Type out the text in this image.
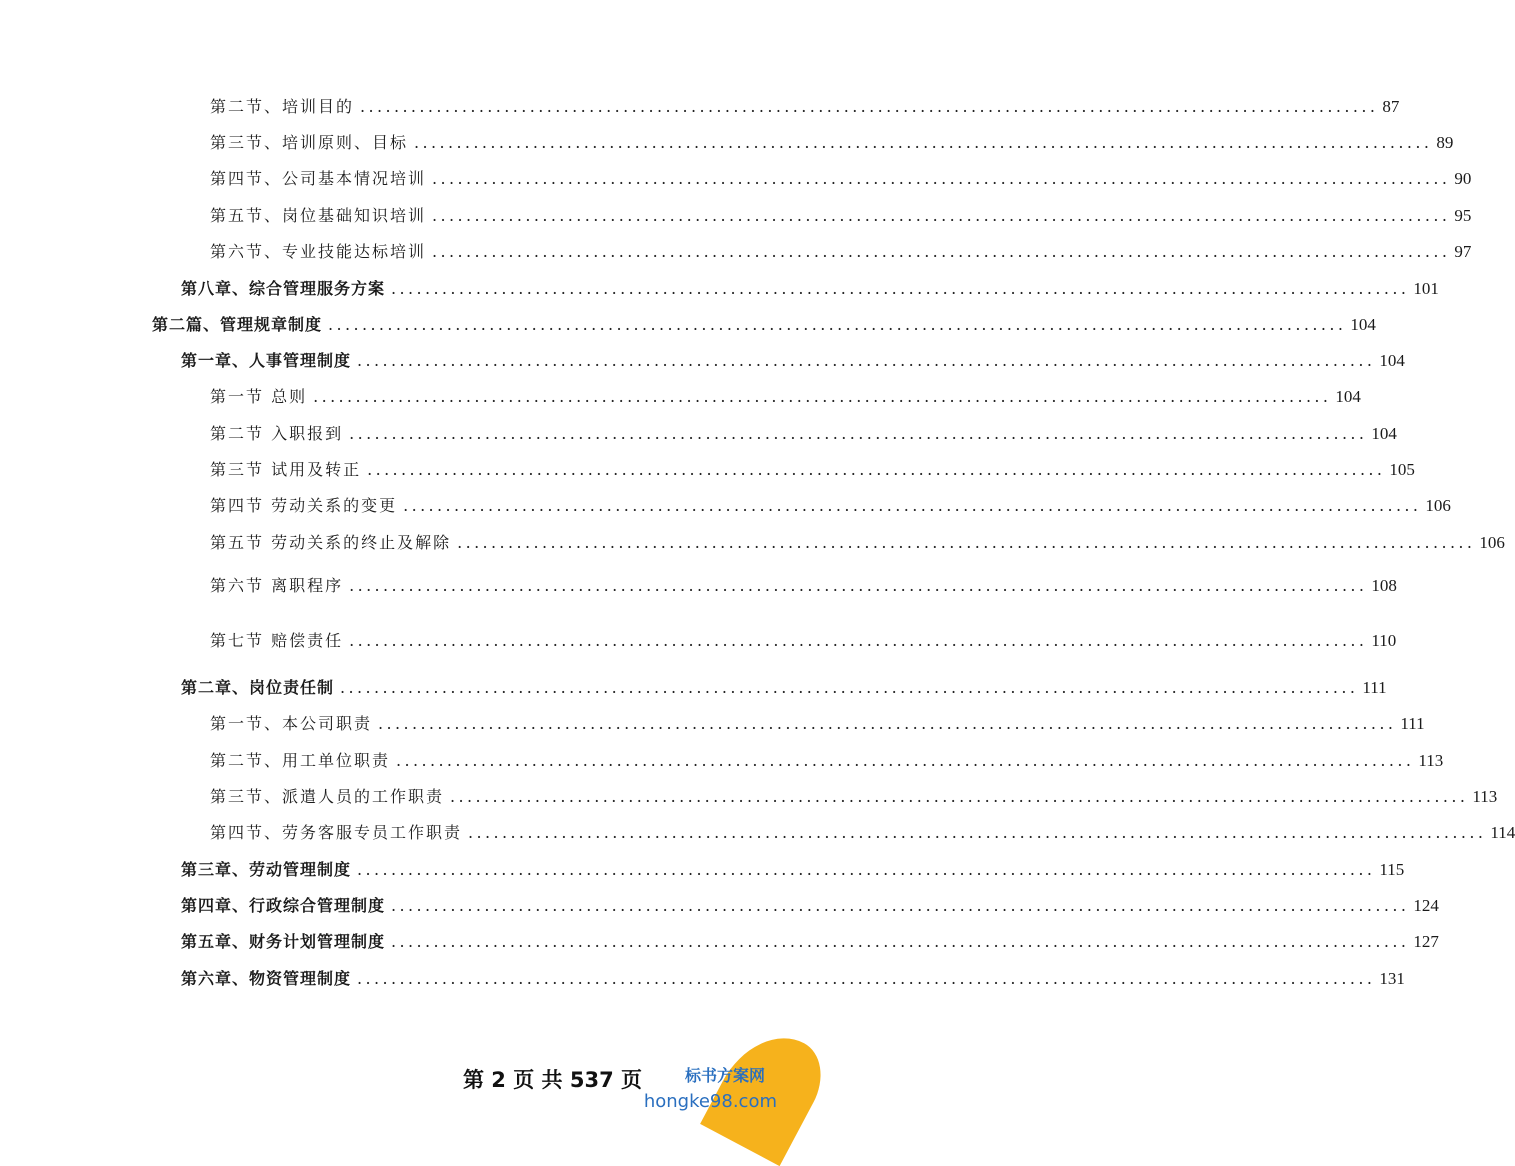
第二节、培训目的 ........................................................................................................................ 87
第三节、培训原则、目标 ........................................................................................................................ 89
第四节、公司基本情况培训 ........................................................................................................................ 90
第五节、岗位基础知识培训 ........................................................................................................................ 95
第六节、专业技能达标培训 ........................................................................................................................ 97
第八章、综合管理服务方案 ........................................................................................................................ 101
第二篇、管理规章制度 ........................................................................................................................ 104
第一章、人事管理制度 ........................................................................................................................ 104
第一节 总则 ........................................................................................................................ 104
第二节 入职报到 ........................................................................................................................ 104
第三节 试用及转正 ........................................................................................................................ 105
第四节 劳动关系的变更 ........................................................................................................................ 106
第五节 劳动关系的终止及解除 ........................................................................................................................ 106
第六节 离职程序 ........................................................................................................................ 108
第七节 赔偿责任 ........................................................................................................................ 110
第二章、岗位责任制 ........................................................................................................................ 111
第一节、本公司职责 ........................................................................................................................ 111
第二节、用工单位职责 ........................................................................................................................ 113
第三节、派遣人员的工作职责 ........................................................................................................................ 113
第四节、劳务客服专员工作职责 ........................................................................................................................ 114
第三章、劳动管理制度 ........................................................................................................................ 115
第四章、行政综合管理制度 ........................................................................................................................ 124
第五章、财务计划管理制度 ........................................................................................................................ 127
第六章、物资管理制度 ........................................................................................................................ 131
第 2 页 共 537 页	标书方案网
hongke98.com
